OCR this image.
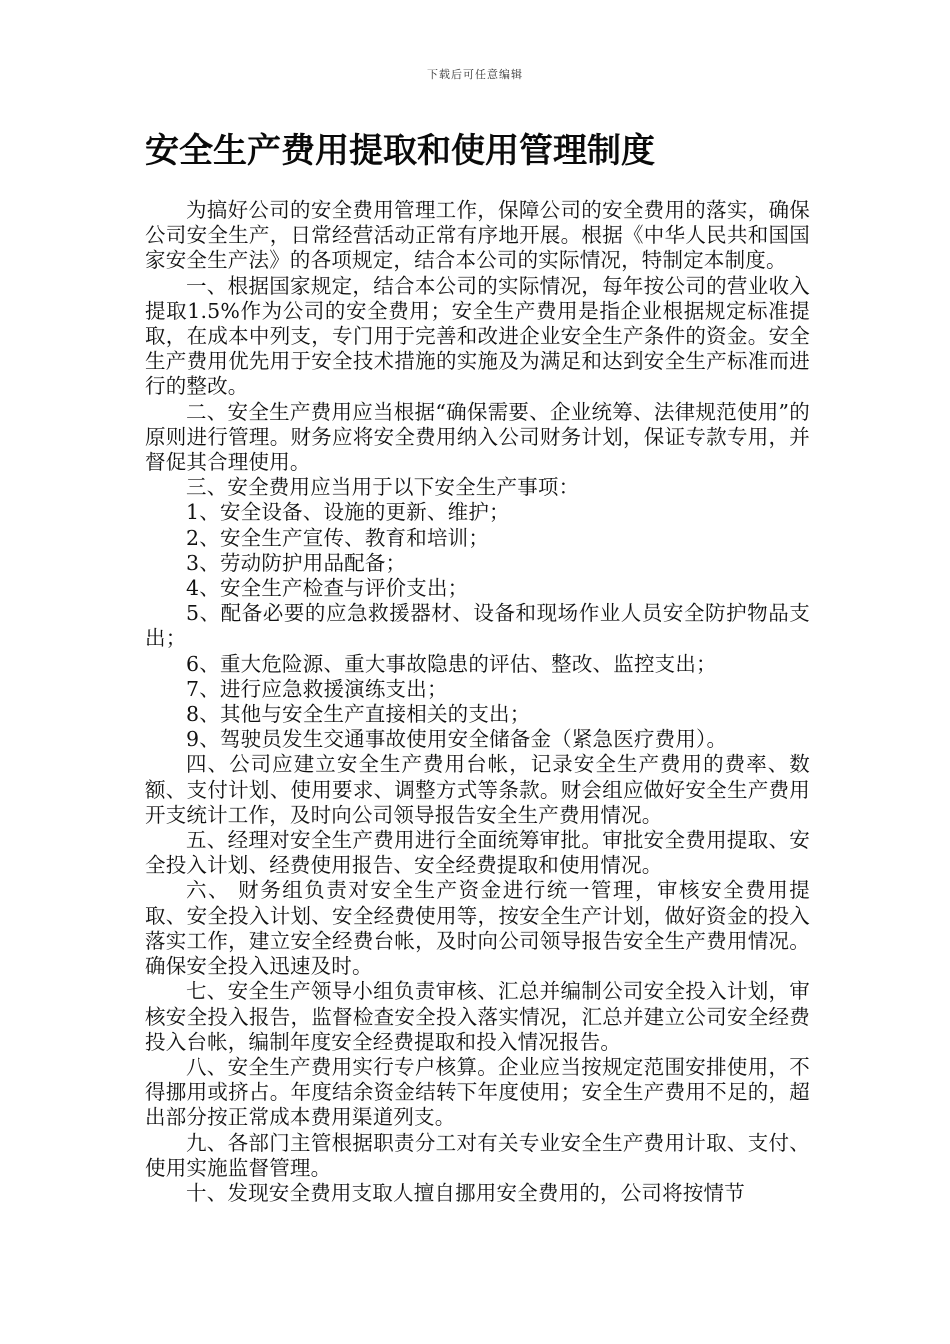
下载后可任意编辑
安全生产费用提取和使用管理制度

为搞好公司的安全费用管理工作，保障公司的安全费用的落实，确保公司安全生产，日常经营活动正常有序地开展。根据《中华人民共和国国家安全生产法》的各项规定，结合本公司的实际情况，特制定本制度。

一、根据国家规定，结合本公司的实际情况，每年按公司的营业收入提取1.5%作为公司的安全费用；安全生产费用是指企业根据规定标准提取，在成本中列支，专门用于完善和改进企业安全生产条件的资金。安全生产费用优先用于安全技术措施的实施及为满足和达到安全生产标准而进行的整改。

二、安全生产费用应当根据“确保需要、企业统筹、法律规范使用”的原则进行管理。财务应将安全费用纳入公司财务计划，保证专款专用，并督促其合理使用。

三、安全费用应当用于以下安全生产事项：

1、安全设备、设施的更新、维护；

2、安全生产宣传、教育和培训；

3、劳动防护用品配备；

4、安全生产检查与评价支出；

5、配备必要的应急救援器材、设备和现场作业人员安全防护物品支出；

6、重大危险源、重大事故隐患的评估、整改、监控支出；

7、进行应急救援演练支出；

8、其他与安全生产直接相关的支出；

9、驾驶员发生交通事故使用安全储备金（紧急医疗费用）。

四、公司应建立安全生产费用台帐，记录安全生产费用的费率、数额、支付计划、使用要求、调整方式等条款。财会组应做好安全生产费用开支统计工作，及时向公司领导报告安全生产费用情况。

五、经理对安全生产费用进行全面统筹审批。审批安全费用提取、安全投入计划、经费使用报告、安全经费提取和使用情况。

六、 财务组负责对安全生产资金进行统一管理，审核安全费用提取、安全投入计划、安全经费使用等，按安全生产计划，做好资金的投入落实工作，建立安全经费台帐，及时向公司领导报告安全生产费用情况。确保安全投入迅速及时。

七、安全生产领导小组负责审核、汇总并编制公司安全投入计划，审核安全投入报告，监督检查安全投入落实情况，汇总并建立公司安全经费投入台帐，编制年度安全经费提取和投入情况报告。

八、安全生产费用实行专户核算。企业应当按规定范围安排使用，不得挪用或挤占。年度结余资金结转下年度使用；安全生产费用不足的，超出部分按正常成本费用渠道列支。

九、各部门主管根据职责分工对有关专业安全生产费用计取、支付、使用实施监督管理。

十、发现安全费用支取人擅自挪用安全费用的，公司将按情节
